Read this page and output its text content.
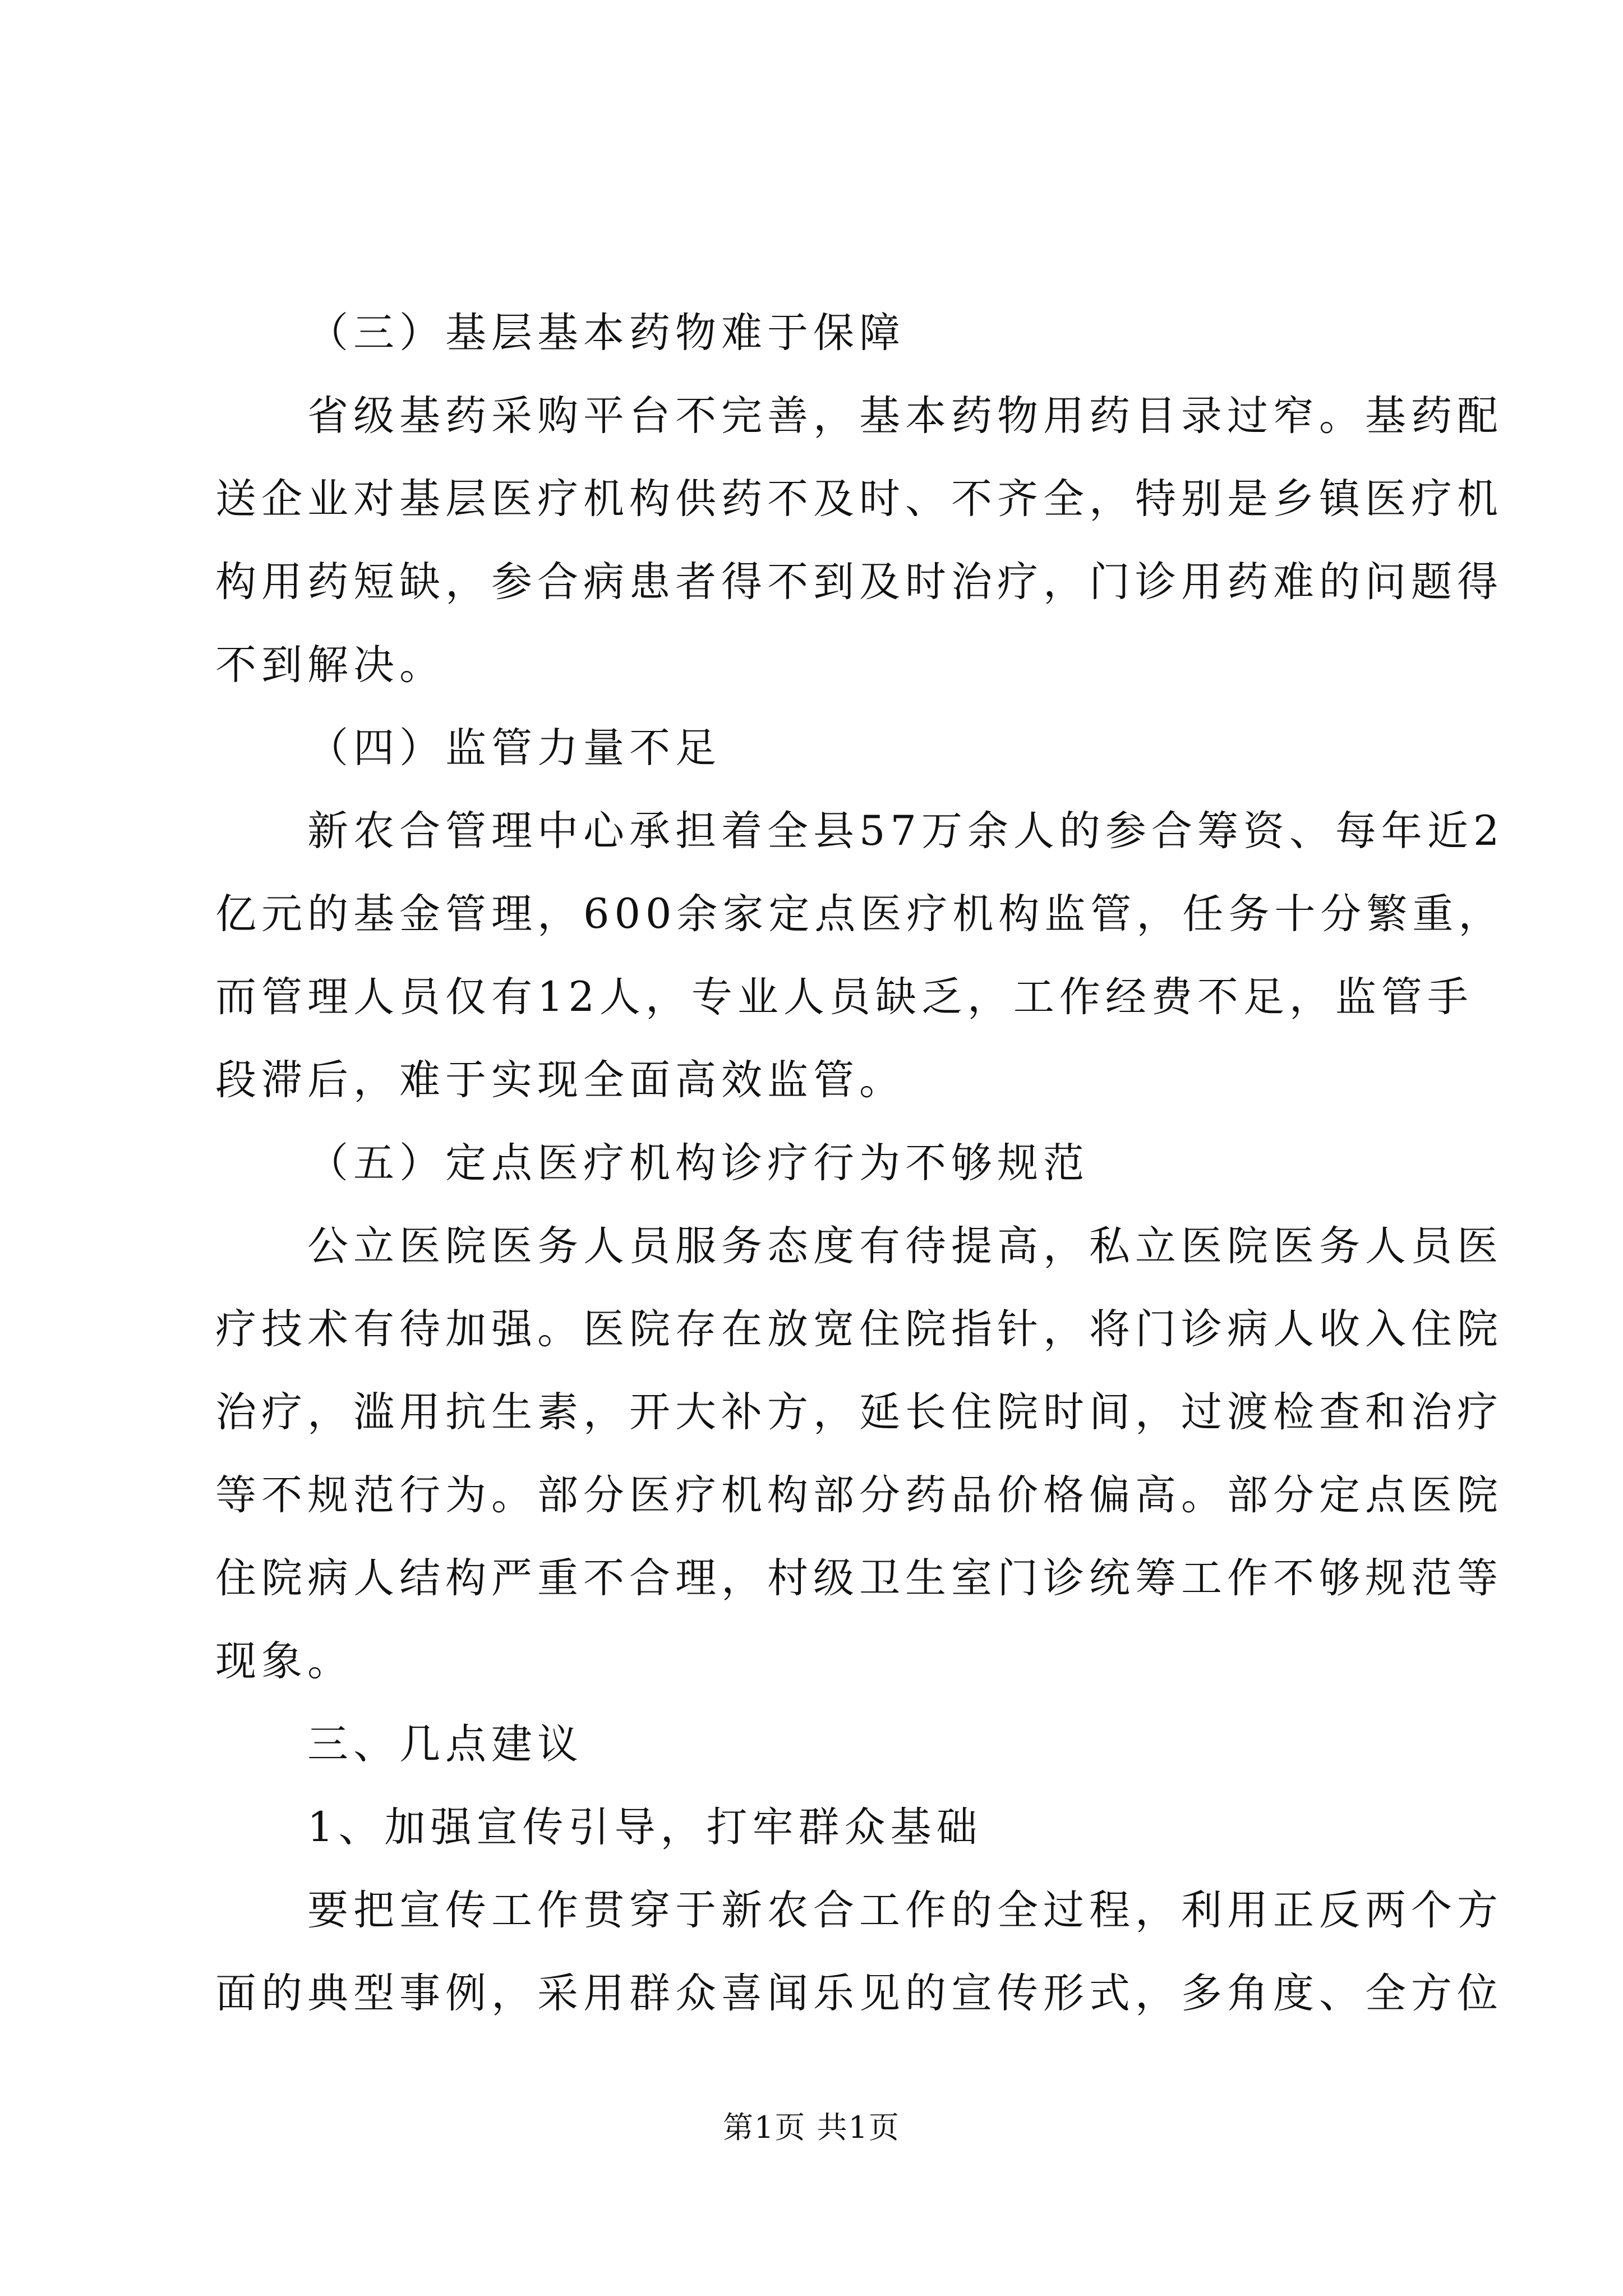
（三）基层基本药物难于保障
省级基药采购平台不完善，基本药物用药目录过窄。基药配
送企业对基层医疗机构供药不及时、不齐全，特别是乡镇医疗机
构用药短缺，参合病患者得不到及时治疗，门诊用药难的问题得
不到解决。
（四）监管力量不足
新农合管理中心承担着全县57万余人的参合筹资、每年近2
亿元的基金管理，600余家定点医疗机构监管，任务十分繁重，
而管理人员仅有12人，专业人员缺乏，工作经费不足，监管手
段滞后，难于实现全面高效监管。
（五）定点医疗机构诊疗行为不够规范
公立医院医务人员服务态度有待提高，私立医院医务人员医
疗技术有待加强。医院存在放宽住院指针，将门诊病人收入住院
治疗，滥用抗生素，开大补方，延长住院时间，过渡检查和治疗
等不规范行为。部分医疗机构部分药品价格偏高。部分定点医院
住院病人结构严重不合理，村级卫生室门诊统筹工作不够规范等
现象。
三、几点建议
1、加强宣传引导，打牢群众基础
要把宣传工作贯穿于新农合工作的全过程，利用正反两个方
面的典型事例，采用群众喜闻乐见的宣传形式，多角度、全方位
第1页 共1页
